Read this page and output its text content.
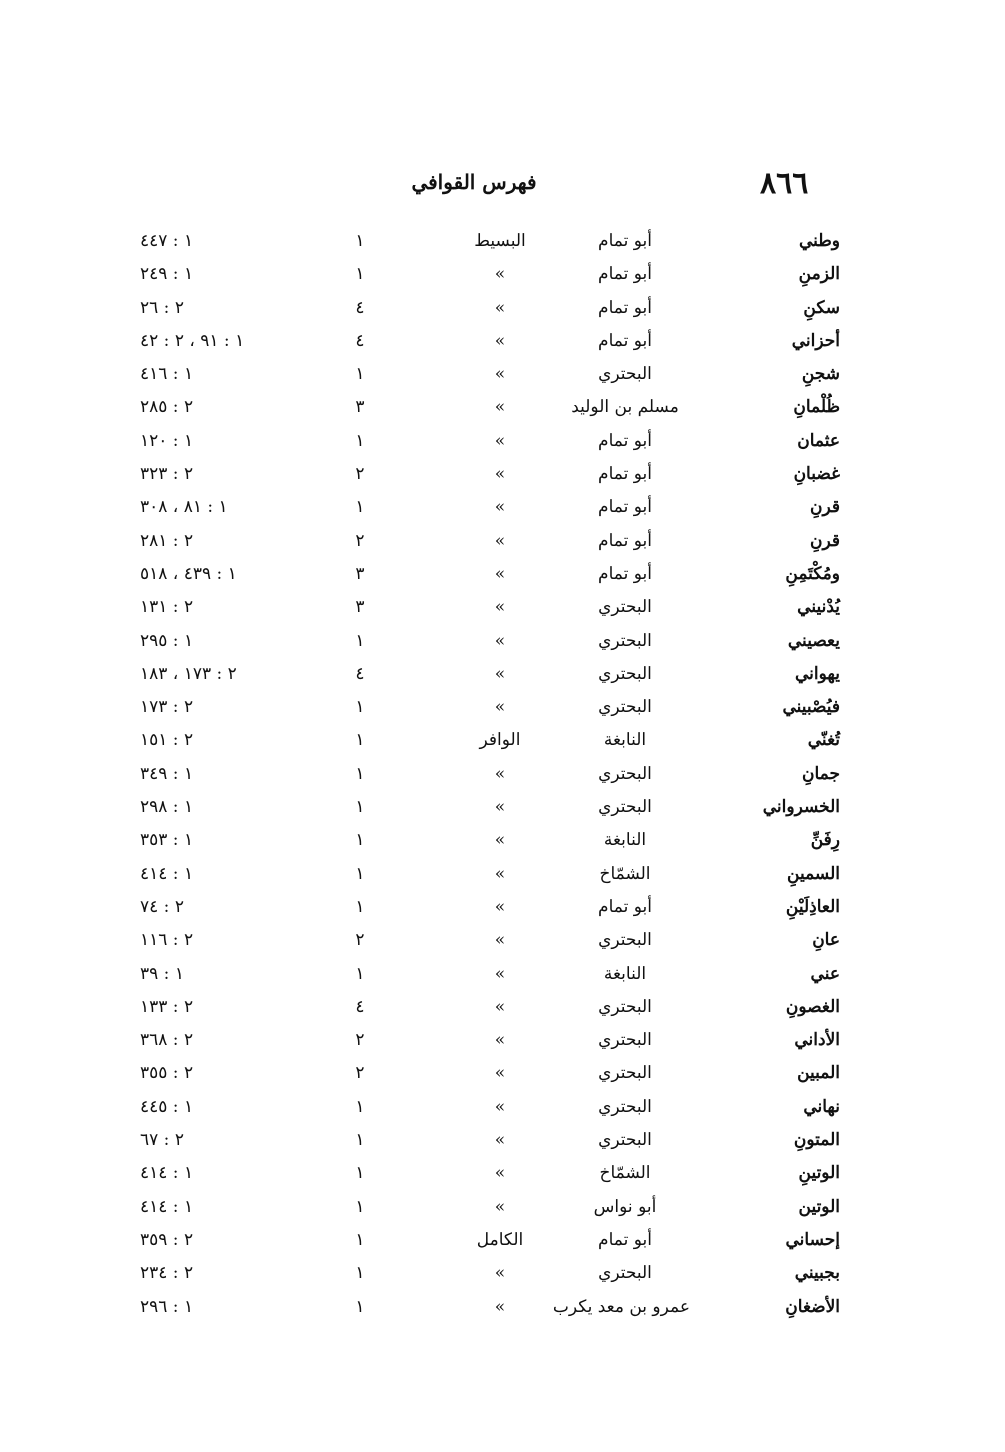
٨٦٦
فهرس القوافي
وطني
أبو تمام
البسيط
١
١ : ٤٤٧
الزمنِ
أبو تمام
»
١
١ : ٢٤٩
سكنِ
أبو تمام
»
٤
٢ : ٢٦
أحزاني
أبو تمام
»
٤
١ : ٩١ ، ٢ : ٤٢
شجنِ
البحتري
»
١
١ : ٤١٦
ظُلْمانِ
مسلم بن الوليد
»
٣
٢ : ٢٨٥
عثمان
أبو تمام
»
١
١ : ١٢٠
غضبانِ
أبو تمام
»
٢
٢ : ٣٢٣
قرنِ
أبو تمام
»
١
١ : ٨١ ، ٣٠٨
قرنِ
أبو تمام
»
٢
٢ : ٢٨١
ومُكْتَمِنِ
أبو تمام
»
٣
١ : ٤٣٩ ، ٥١٨
يُدْنيني
البحتري
»
٣
٢ : ١٣١
يعصيني
البحتري
»
١
١ : ٢٩٥
يهواني
البحتري
»
٤
٢ : ١٧٣ ، ١٨٣
فيُصْبيني
البحتري
»
١
٢ : ١٧٣
تُغنّي
النابغة
الوافر
١
٢ : ١٥١
جمانِ
البحتري
»
١
١ : ٣٤٩
الخسرواني
البحتري
»
١
١ : ٢٩٨
رِفَنِّ
النابغة
»
١
١ : ٣٥٣
السمينِ
الشمّاخ
»
١
١ : ٤١٤
العاذِلَيْنِ
أبو تمام
»
١
٢ : ٧٤
عانِ
البحتري
»
٢
٢ : ١١٦
عني
النابغة
»
١
١ : ٣٩
الغصونِ
البحتري
»
٤
٢ : ١٣٣
الأداني
البحتري
»
٢
٢ : ٣٦٨
المبين
البحتري
»
٢
٢ : ٣٥٥
نهاني
البحتري
»
١
١ : ٤٤٥
المتونِ
البحتري
»
١
٢ : ٦٧
الوتينِ
الشمّاخ
»
١
١ : ٤١٤
الوتين
أبو نواس
»
١
١ : ٤١٤
إحساني
أبو تمام
الكامل
١
٢ : ٣٥٩
بجبيني
البحتري
»
١
٢ : ٢٣٤
الأضغانِ
عمرو بن معد يكرب
»
١
١ : ٢٩٦
